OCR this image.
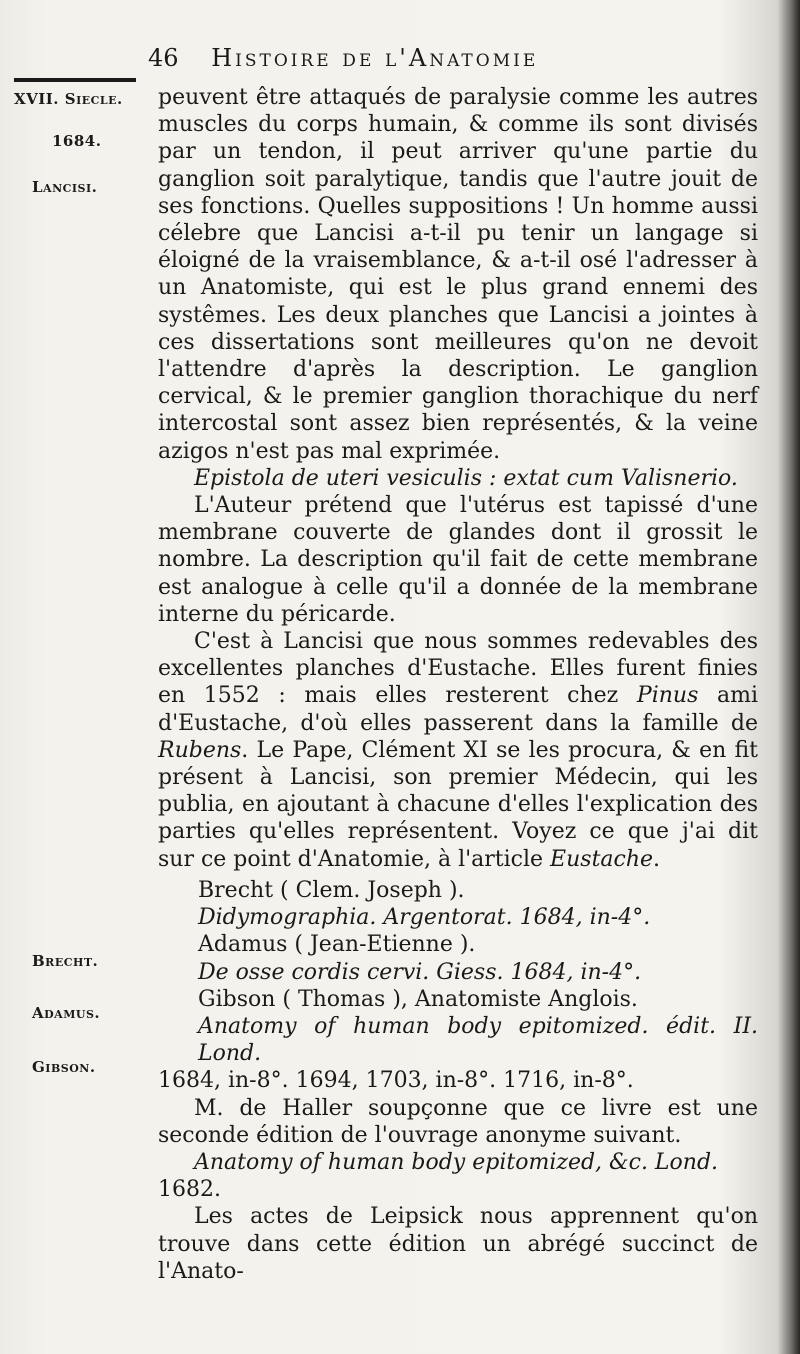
46 Histoire de l'Anatomie
XVII. Siecle.
1684.
Lancisi.
Brecht.
Adamus.
Gibson.

peuvent être attaqués de paralysie comme les autres muscles du corps humain, & comme ils sont divisés par un tendon, il peut arriver qu'une partie du ganglion soit paralytique, tandis que l'autre jouit de ses fonctions. Quelles suppositions ! Un homme aussi célebre que Lancisi a-t-il pu tenir un langage si éloigné de la vraisemblance, & a-t-il osé l'adresser à un Anatomiste, qui est le plus grand ennemi des systêmes. Les deux planches que Lancisi a jointes à ces dissertations sont meilleures qu'on ne devoit l'attendre d'après la description. Le ganglion cervical, & le premier ganglion thorachique du nerf intercostal sont assez bien représentés, & la veine azigos n'est pas mal exprimée.

Epistola de uteri vesiculis : extat cum Valisnerio.

L'Auteur prétend que l'utérus est tapissé d'une membrane couverte de glandes dont il grossit le nombre. La description qu'il fait de cette membrane est analogue à celle qu'il a donnée de la membrane interne du péricarde.

C'est à Lancisi que nous sommes redevables des excellentes planches d'Eustache. Elles furent finies en 1552 : mais elles resterent chez Pinus ami d'Eustache, d'où elles passerent dans la famille de Rubens. Le Pape, Clément XI se les procura, & en fit présent à Lancisi, son premier Médecin, qui les publia, en ajoutant à chacune d'elles l'explication des parties qu'elles représentent. Voyez ce que j'ai dit sur ce point d'Anatomie, à l'article Eustache.

Brecht ( Clem. Joseph ).

Didymographia. Argentorat. 1684, in-4°.

Adamus ( Jean-Etienne ).

De osse cordis cervi. Giess. 1684, in-4°.

Gibson ( Thomas ), Anatomiste Anglois.

Anatomy of human body epitomized. édit. II. Lond.

1684, in-8°. 1694, 1703, in-8°. 1716, in-8°.

M. de Haller soupçonne que ce livre est une seconde édition de l'ouvrage anonyme suivant.

Anatomy of human body epitomized, &c. Lond.

1682.

Les actes de Leipsick nous apprennent qu'on trouve dans cette édition un abrégé succinct de l'Anato-
